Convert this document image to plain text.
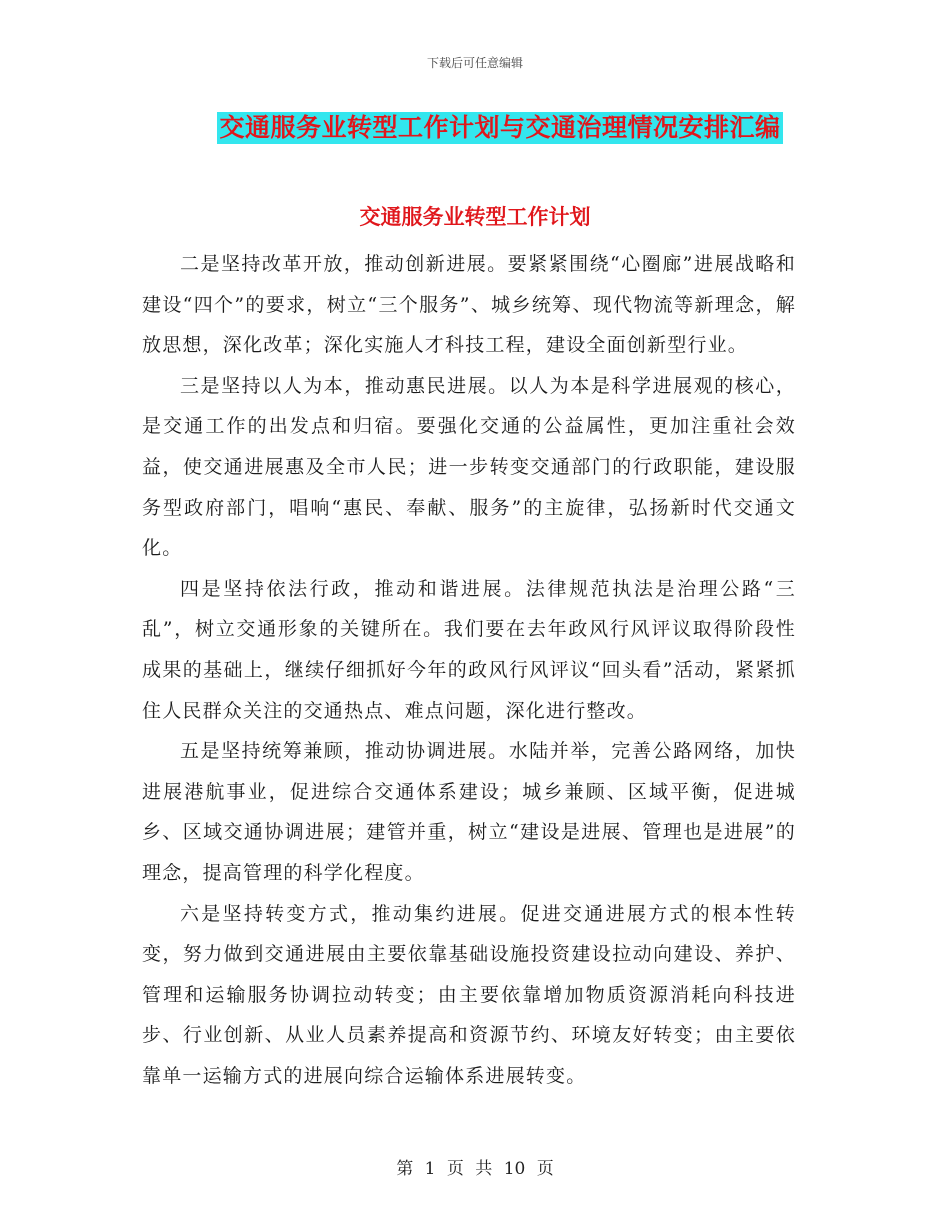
下载后可任意编辑
交通服务业转型工作计划与交通治理情况安排汇编
交通服务业转型工作计划

二是坚持改革开放，推动创新进展。要紧紧围绕“心圈廊”进展战略和建设“四个”的要求，树立“三个服务”、城乡统筹、现代物流等新理念，解放思想，深化改革；深化实施人才科技工程，建设全面创新型行业。

三是坚持以人为本，推动惠民进展。以人为本是科学进展观的核心，是交通工作的出发点和归宿。要强化交通的公益属性，更加注重社会效益，使交通进展惠及全市人民；进一步转变交通部门的行政职能，建设服务型政府部门，唱响“惠民、奉献、服务”的主旋律，弘扬新时代交通文化。

四是坚持依法行政，推动和谐进展。法律规范执法是治理公路“三乱”，树立交通形象的关键所在。我们要在去年政风行风评议取得阶段性成果的基础上，继续仔细抓好今年的政风行风评议“回头看”活动，紧紧抓住人民群众关注的交通热点、难点问题，深化进行整改。

五是坚持统筹兼顾，推动协调进展。水陆并举，完善公路网络，加快进展港航事业，促进综合交通体系建设；城乡兼顾、区域平衡，促进城乡、区域交通协调进展；建管并重，树立“建设是进展、管理也是进展”的理念，提高管理的科学化程度。

六是坚持转变方式，推动集约进展。促进交通进展方式的根本性转变，努力做到交通进展由主要依靠基础设施投资建设拉动向建设、养护、管理和运输服务协调拉动转变；由主要依靠增加物质资源消耗向科技进步、行业创新、从业人员素养提高和资源节约、环境友好转变；由主要依靠单一运输方式的进展向综合运输体系进展转变。

第 1 页 共 10 页
